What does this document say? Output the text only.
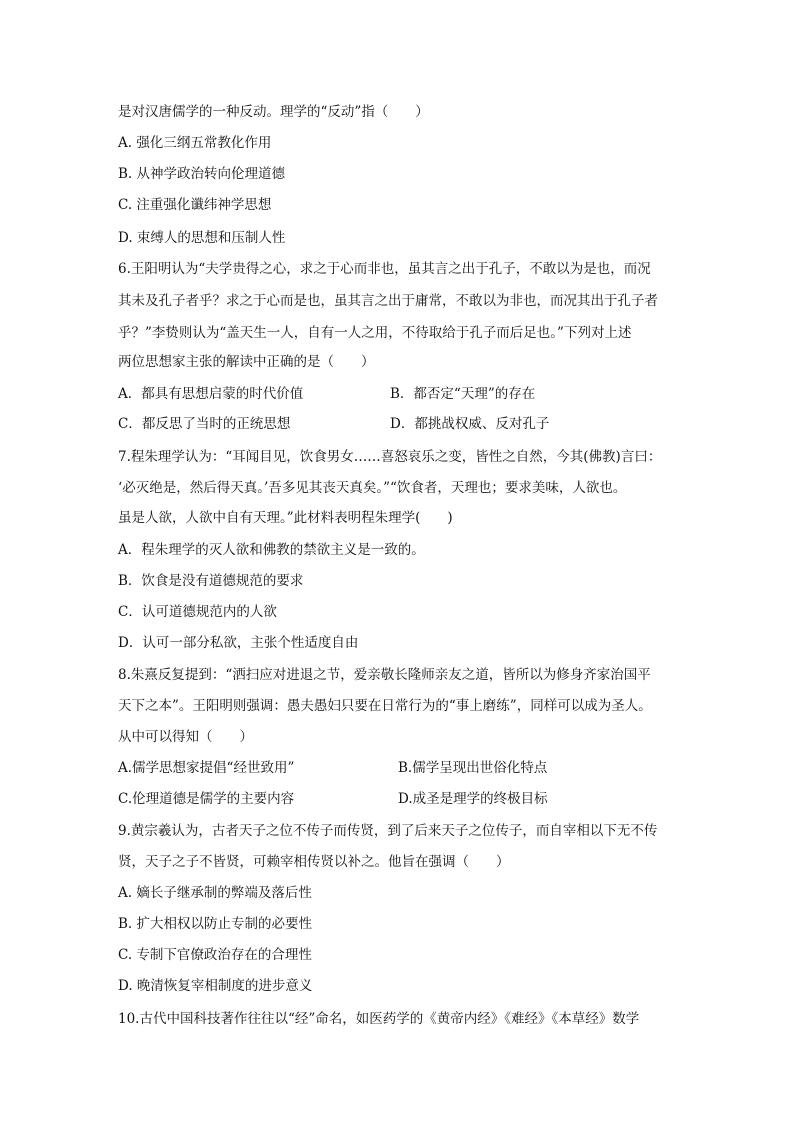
是对汉唐儒学的一种反动。理学的“反动”指（　　）
A. 强化三纲五常教化作用
B. 从神学政治转向伦理道德
C. 注重强化谶纬神学思想
D. 束缚人的思想和压制人性
6.王阳明认为“夫学贵得之心，求之于心而非也，虽其言之出于孔子，不敢以为是也，而况
其未及孔子者乎？求之于心而是也，虽其言之出于庸常，不敢以为非也，而况其出于孔子者
乎？”李贽则认为“盖天生一人，自有一人之用，不待取给于孔子而后足也。”下列对上述
两位思想家主张的解读中正确的是（　　）
A．都具有思想启蒙的时代价值	B．都否定“天理”的存在
C．都反思了当时的正统思想	D．都挑战权威、反对孔子
7.程朱理学认为：“耳闻目见，饮食男女……喜怒哀乐之变，皆性之自然，今其(佛教)言曰：
‘必灭绝是，然后得天真。’吾多见其丧天真矣。”“饮食者，天理也；要求美味，人欲也。
虽是人欲，人欲中自有天理。”此材料表明程朱理学(　　)
A．程朱理学的灭人欲和佛教的禁欲主义是一致的。
B．饮食是没有道德规范的要求
C．认可道德规范内的人欲
D．认可一部分私欲，主张个性适度自由
8.朱熹反复提到：“洒扫应对进退之节，爱亲敬长隆师亲友之道，皆所以为修身齐家治国平
天下之本”。王阳明则强调：愚夫愚妇只要在日常行为的“事上磨练”，同样可以成为圣人。
从中可以得知（　　）
A.儒学思想家提倡“经世致用”	B.儒学呈现出世俗化特点
C.伦理道德是儒学的主要内容	D.成圣是理学的终极目标
9.黄宗羲认为，古者天子之位不传子而传贤，到了后来天子之位传子，而自宰相以下无不传
贤，天子之子不皆贤，可赖宰相传贤以补之。他旨在强调（　　）
A. 嫡长子继承制的弊端及落后性
B. 扩大相权以防止专制的必要性
C. 专制下官僚政治存在的合理性
D. 晚清恢复宰相制度的进步意义
10.古代中国科技著作往往以“经”命名，如医药学的《黄帝内经》《难经》《本草经》数学
